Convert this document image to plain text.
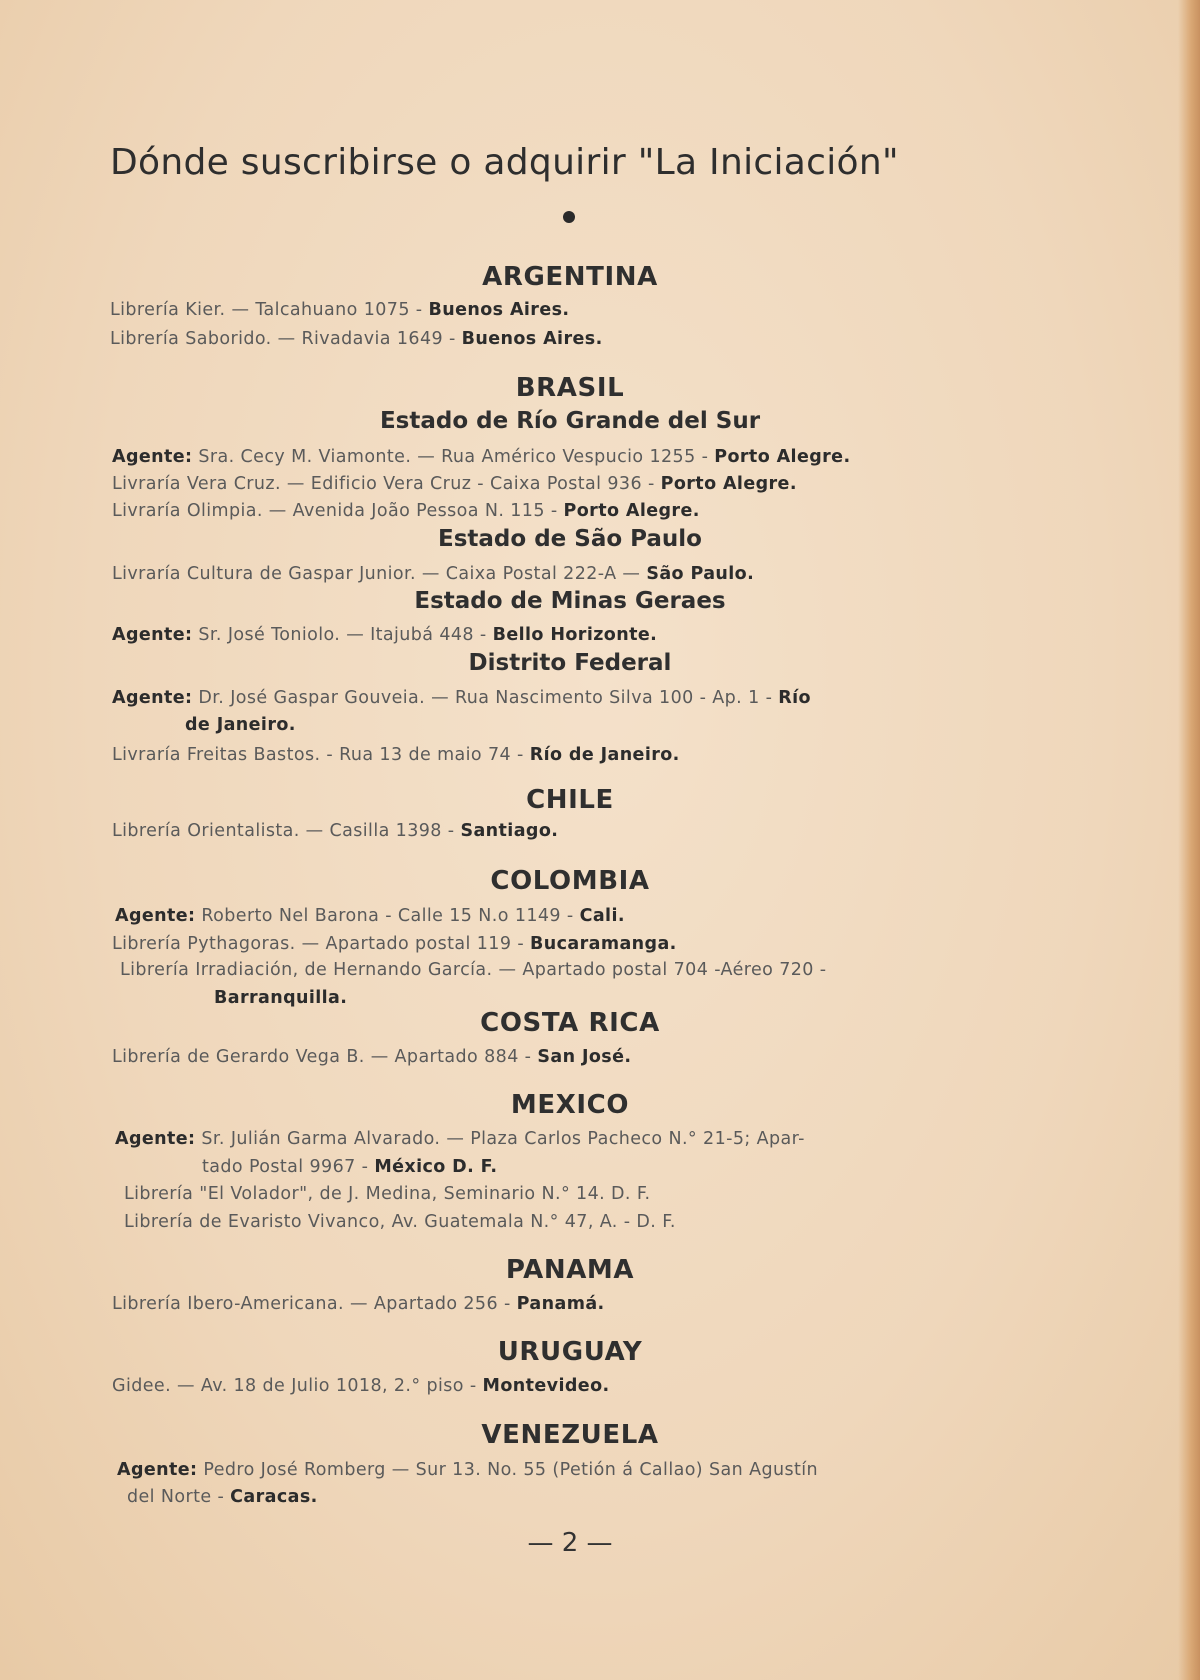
Dónde suscribirse o adquirir "La Iniciación"
ARGENTINA
Librería Kier. — Talcahuano 1075 - Buenos Aires.
Librería Saborido. — Rivadavia 1649 - Buenos Aires.
BRASIL
Estado de Río Grande del Sur
Agente: Sra. Cecy M. Viamonte. — Rua Américo Vespucio 1255 - Porto Alegre.
Livraría Vera Cruz. — Edificio Vera Cruz - Caixa Postal 936 - Porto Alegre.
Livraría Olimpia. — Avenida João Pessoa N. 115 - Porto Alegre.
Estado de São Paulo
Livraría Cultura de Gaspar Junior. — Caixa Postal 222-A — São Paulo.
Estado de Minas Geraes
Agente: Sr. José Toniolo. — Itajubá 448 - Bello Horizonte.
Distrito Federal
Agente: Dr. José Gaspar Gouveia. — Rua Nascimento Silva 100 - Ap. 1 - Río
de Janeiro.
Livraría Freitas Bastos. - Rua 13 de maio 74 - Río de Janeiro.
CHILE
Librería Orientalista. — Casilla 1398 - Santiago.
COLOMBIA
Agente: Roberto Nel Barona - Calle 15 N.o 1149 - Cali.
Librería Pythagoras. — Apartado postal 119 - Bucaramanga.
Librería Irradiación, de Hernando García. — Apartado postal 704 -Aéreo 720 -
Barranquilla.
COSTA RICA
Librería de Gerardo Vega B. — Apartado 884 - San José.
MEXICO
Agente: Sr. Julián Garma Alvarado. — Plaza Carlos Pacheco N.° 21-5; Apar-
tado Postal 9967 - México D. F.
Librería "El Volador", de J. Medina, Seminario N.° 14. D. F.
Librería de Evaristo Vivanco, Av. Guatemala N.° 47, A. - D. F.
PANAMA
Librería Ibero-Americana. — Apartado 256 - Panamá.
URUGUAY
Gidee. — Av. 18 de Julio 1018, 2.° piso - Montevideo.
VENEZUELA
Agente: Pedro José Romberg — Sur 13. No. 55 (Petión á Callao) San Agustín
del Norte - Caracas.
— 2 —
